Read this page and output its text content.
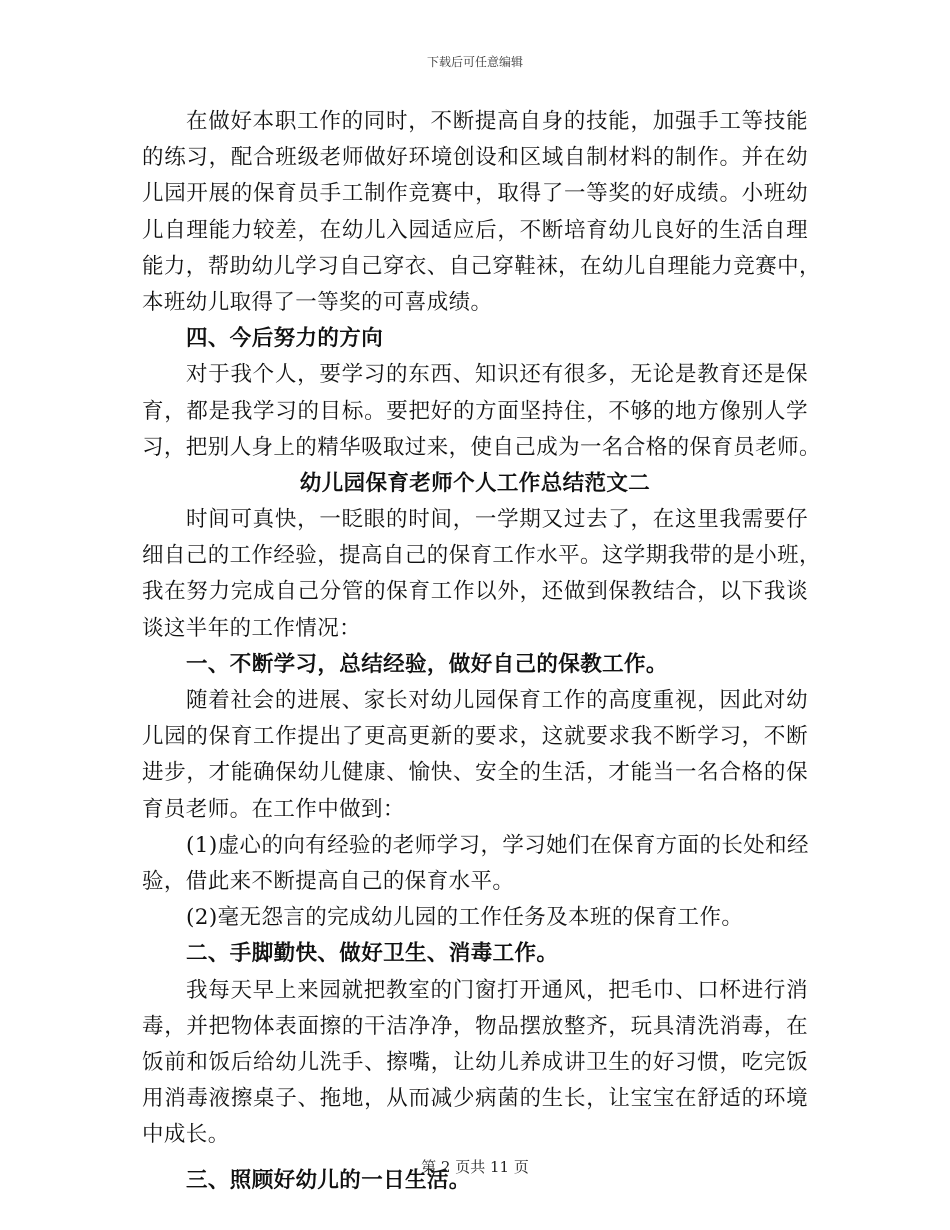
下载后可任意编辑
在做好本职工作的同时，不断提高自身的技能，加强手工等技能
的练习，配合班级老师做好环境创设和区域自制材料的制作。并在幼
儿园开展的保育员手工制作竞赛中，取得了一等奖的好成绩。小班幼
儿自理能力较差，在幼儿入园适应后，不断培育幼儿良好的生活自理
能力，帮助幼儿学习自己穿衣、自己穿鞋袜，在幼儿自理能力竞赛中，
本班幼儿取得了一等奖的可喜成绩。
四、今后努力的方向
对于我个人，要学习的东西、知识还有很多，无论是教育还是保
育，都是我学习的目标。要把好的方面坚持住，不够的地方像别人学
习，把别人身上的精华吸取过来，使自己成为一名合格的保育员老师。
幼儿园保育老师个人工作总结范文二
时间可真快，一眨眼的时间，一学期又过去了，在这里我需要仔
细自己的工作经验，提高自己的保育工作水平。这学期我带的是小班，
我在努力完成自己分管的保育工作以外，还做到保教结合，以下我谈
谈这半年的工作情况：
一、不断学习，总结经验，做好自己的保教工作。
随着社会的进展、家长对幼儿园保育工作的高度重视，因此对幼
儿园的保育工作提出了更高更新的要求，这就要求我不断学习，不断
进步，才能确保幼儿健康、愉快、安全的生活，才能当一名合格的保
育员老师。在工作中做到：
(1)虚心的向有经验的老师学习，学习她们在保育方面的长处和经
验，借此来不断提高自己的保育水平。
(2)毫无怨言的完成幼儿园的工作任务及本班的保育工作。
二、手脚勤快、做好卫生、消毒工作。
我每天早上来园就把教室的门窗打开通风，把毛巾、口杯进行消
毒，并把物体表面擦的干洁净净，物品摆放整齐，玩具清洗消毒，在
饭前和饭后给幼儿洗手、擦嘴，让幼儿养成讲卫生的好习惯，吃完饭
用消毒液擦桌子、拖地，从而减少病菌的生长，让宝宝在舒适的环境
中成长。
三、照顾好幼儿的一日生活。
第 2 页共 11 页
